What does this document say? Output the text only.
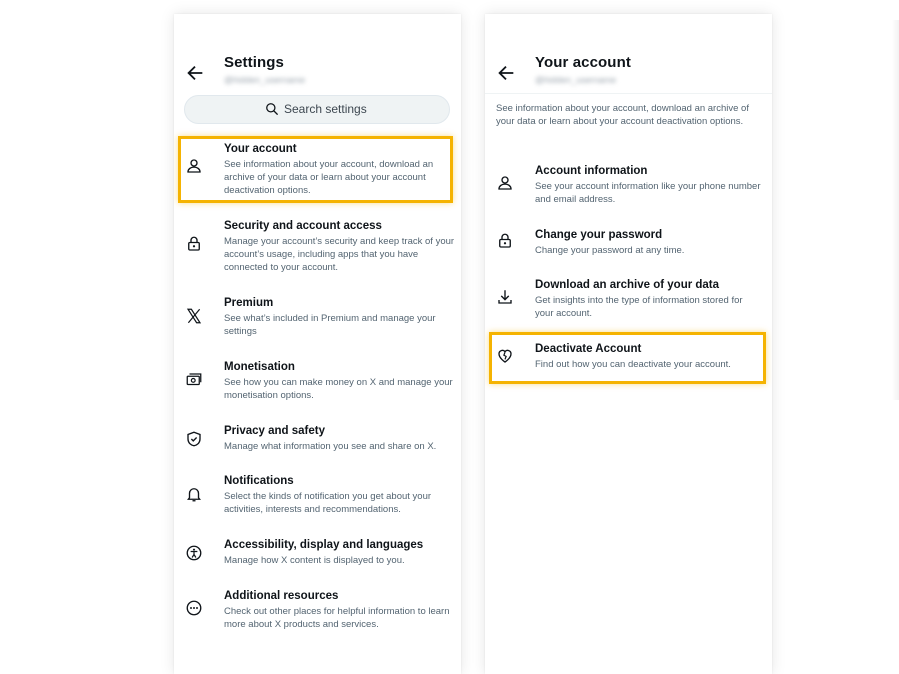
Settings
@hidden_username
Search settings
Your account
See information about your account, download an archive of your data or learn about your account deactivation options.
Security and account access
Manage your account’s security and keep track of your account’s usage, including apps that you have connected to your account.
Premium
See what’s included in Premium and manage your settings
Monetisation
See how you can make money on X and manage your monetisation options.
Privacy and safety
Manage what information you see and share on X.
Notifications
Select the kinds of notification you get about your activities, interests and recommendations.
Accessibility, display and languages
Manage how X content is displayed to you.
Additional resources
Check out other places for helpful information to learn more about X products and services.
Your account
@hidden_username
See information about your account, download an archive of your data or learn about your account deactivation options.
Account information
See your account information like your phone number and email address.
Change your password
Change your password at any time.
Download an archive of your data
Get insights into the type of information stored for your account.
Deactivate Account
Find out how you can deactivate your account.
